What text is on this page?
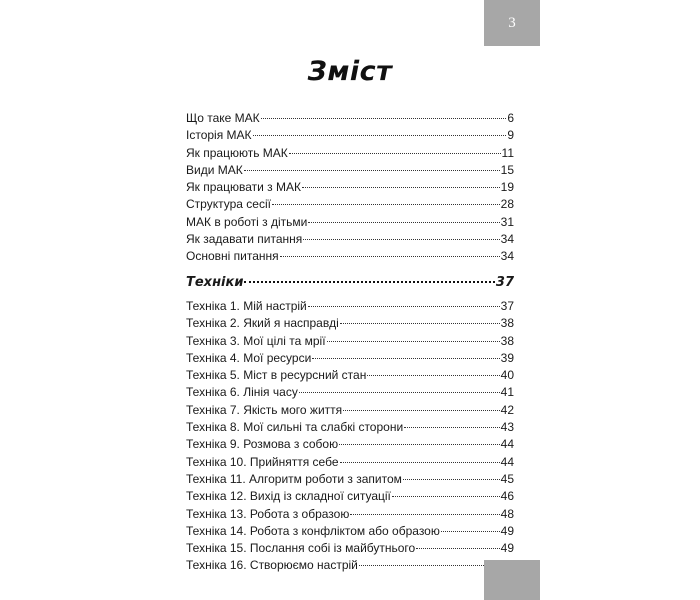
3
Зміст
Що таке МАК	6
Історія МАК	9
Як працюють МАК	11
Види МАК	15
Як працювати з МАК	19
Структура сесії	28
МАК в роботі з дітьми	31
Як задавати питання	34
Основні питання	34
Техніки	37
Техніка 1. Мій настрій	37
Техніка 2. Який я насправді	38
Техніка 3. Мої цілі та мрії	38
Техніка 4. Мої ресурси	39
Техніка 5. Міст в ресурсний стан	40
Техніка 6. Лінія часу	41
Техніка 7. Якість мого життя	42
Техніка 8. Мої сильні та слабкі сторони	43
Техніка 9. Розмова з собою	44
Техніка 10. Прийняття себе	44
Техніка 11. Алгоритм роботи з запитом	45
Техніка 12. Вихід із складної ситуації	46
Техніка 13. Робота з образою	48
Техніка 14. Робота з конфліктом або образою	49
Техніка 15. Послання собі із майбутнього	49
Техніка 16. Створюємо настрій
